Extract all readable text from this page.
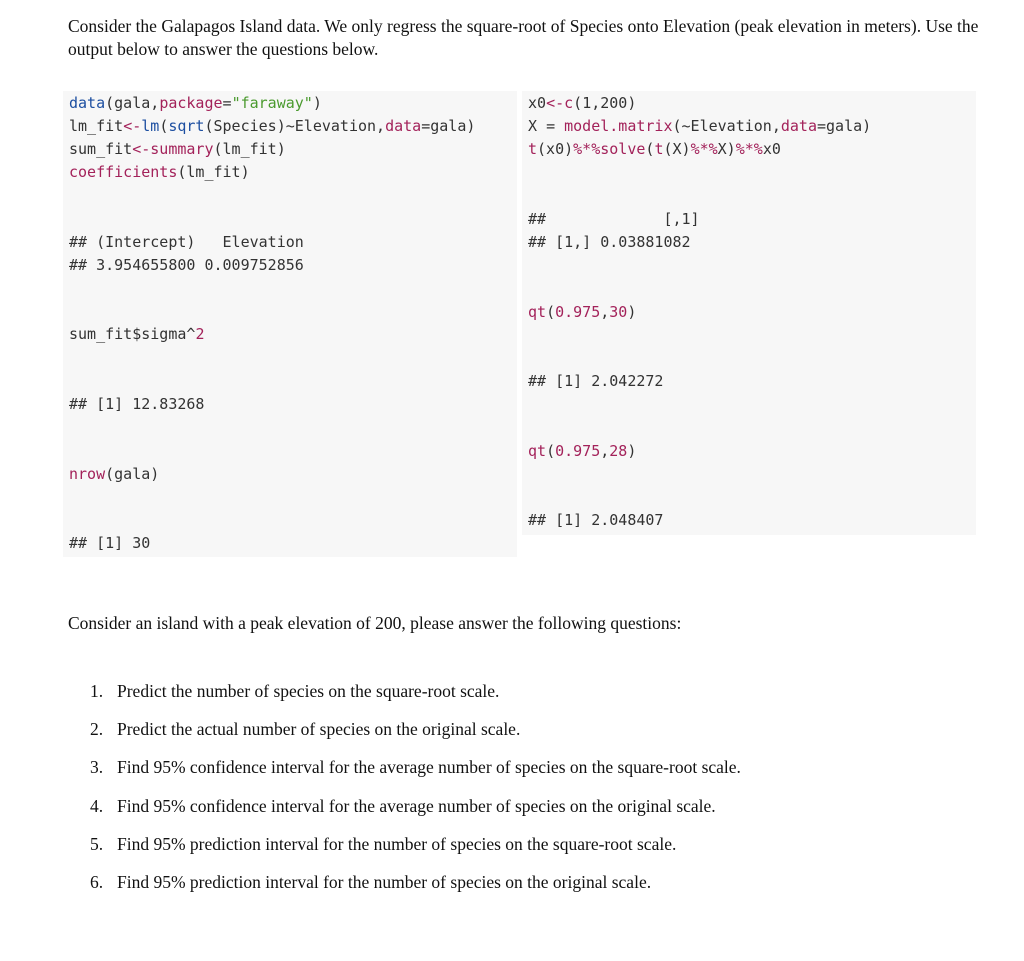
Consider the Galapagos Island data. We only regress the square-root of Species onto Elevation (peak elevation in meters). Use the output below to answer the questions below.
data(gala,package="faraway")
lm_fit<-lm(sqrt(Species)~Elevation,data=gala)
sum_fit<-summary(lm_fit)
coefficients(lm_fit)
## (Intercept)   Elevation
## 3.954655800 0.009752856
sum_fit$sigma^2
## [1] 12.83268
nrow(gala)
## [1] 30
x0<-c(1,200)
X = model.matrix(~Elevation,data=gala)
t(x0)%*%solve(t(X)%*%X)%*%x0
##             [,1]
## [1,] 0.03881082
qt(0.975,30)
## [1] 2.042272
qt(0.975,28)
## [1] 2.048407
Consider an island with a peak elevation of 200, please answer the following questions:
1. Predict the number of species on the square-root scale.
2. Predict the actual number of species on the original scale.
3. Find 95% confidence interval for the average number of species on the square-root scale.
4. Find 95% confidence interval for the average number of species on the original scale.
5. Find 95% prediction interval for the number of species on the square-root scale.
6. Find 95% prediction interval for the number of species on the original scale.
